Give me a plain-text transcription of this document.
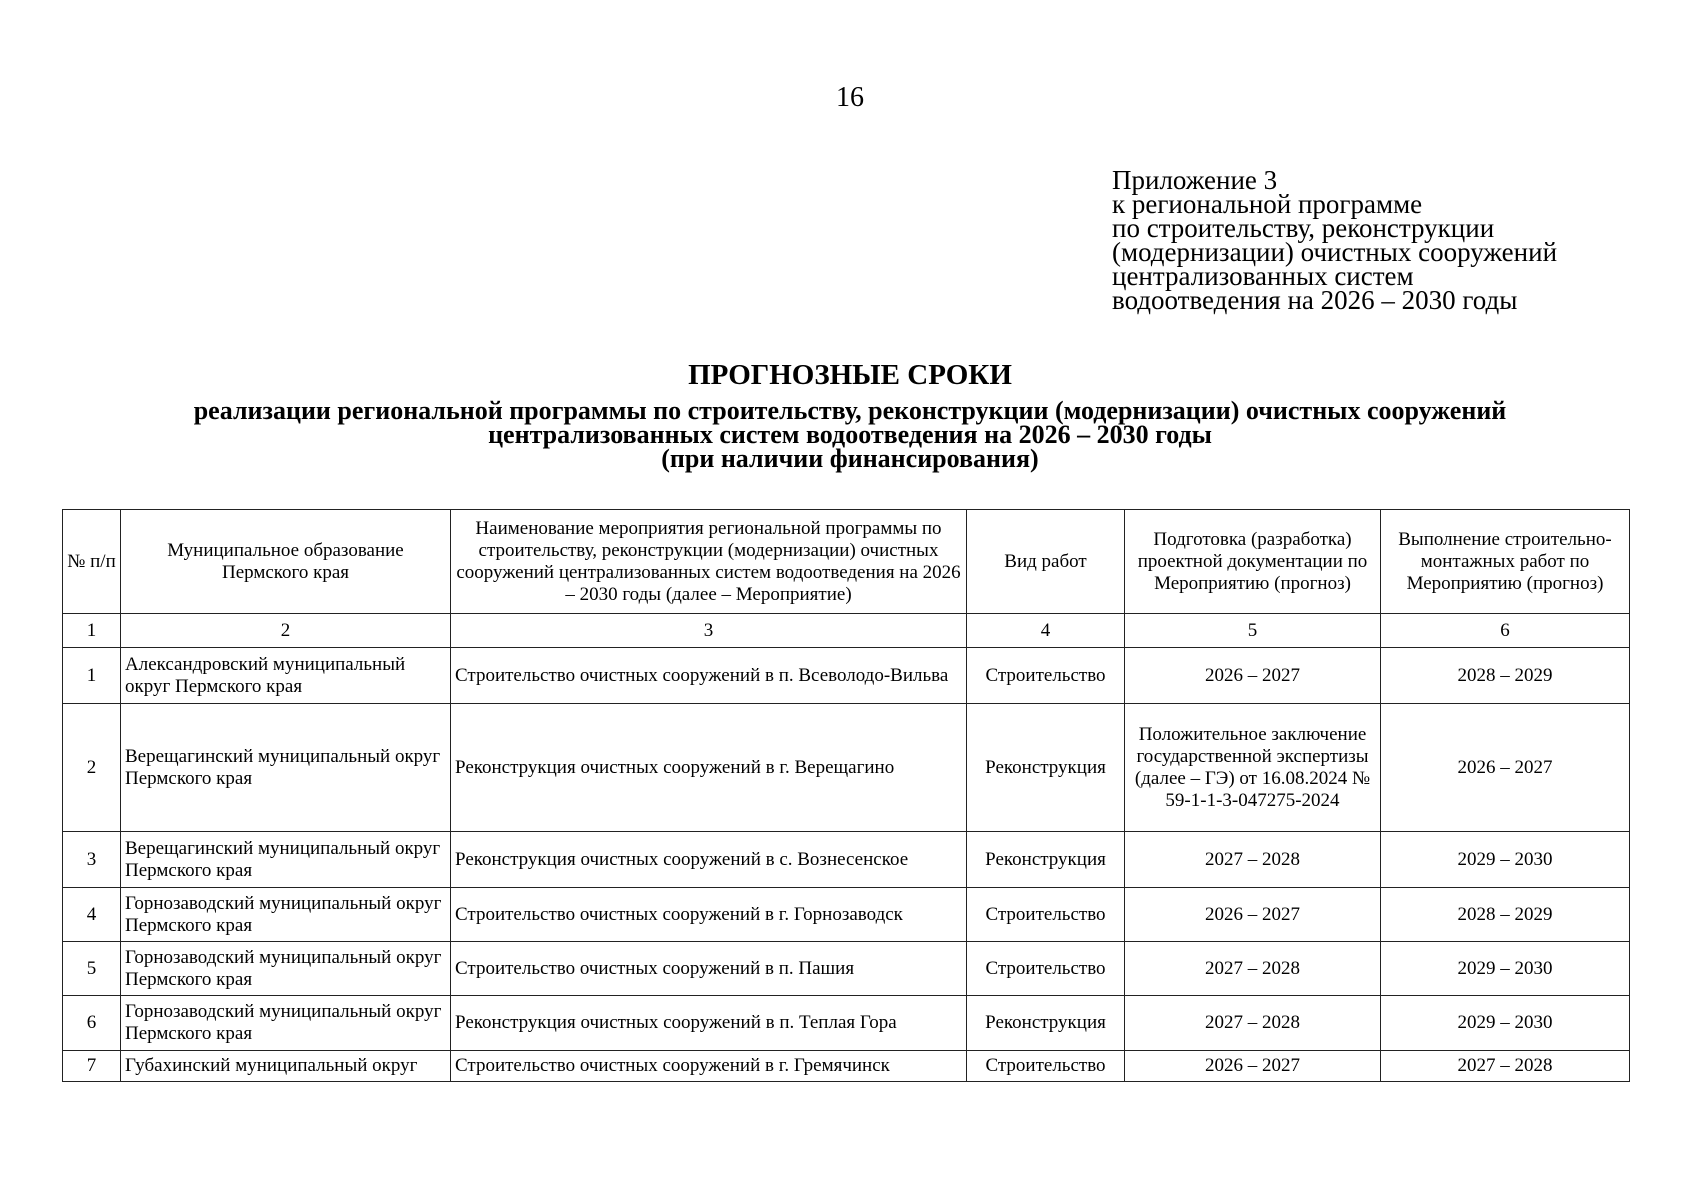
16
Приложение 3
к региональной программе
по строительству, реконструкции
(модернизации) очистных сооружений
централизованных систем
водоотведения на 2026 – 2030 годы
ПРОГНОЗНЫЕ СРОКИ
реализации региональной программы по строительству, реконструкции (модернизации) очистных сооружений
централизованных систем водоотведения на 2026 – 2030 годы
(при наличии финансирования)
№ п/п	Муниципальное образование Пермского края	Наименование мероприятия региональной программы по строительству, реконструкции (модернизации) очистных сооружений централизованных систем водоотведения на 2026 – 2030 годы (далее – Мероприятие)	Вид работ	Подготовка (разработка) проектной документации по Мероприятию (прогноз)	Выполнение строительно-монтажных работ по Мероприятию (прогноз)
1	2	3	4	5	6
1	Александровский муниципальный округ Пермского края	Строительство очистных сооружений в п. Всеволодо-Вильва	Строительство	2026 – 2027	2028 – 2029
2	Верещагинский муниципальный округ Пермского края	Реконструкция очистных сооружений в г. Верещагино	Реконструкция	Положительное заключение государственной экспертизы (далее – ГЭ) от 16.08.2024 № 59-1-1-3-047275-2024	2026 – 2027
3	Верещагинский муниципальный округ Пермского края	Реконструкция очистных сооружений в с. Вознесенское	Реконструкция	2027 – 2028	2029 – 2030
4	Горнозаводский муниципальный округ Пермского края	Строительство очистных сооружений в г. Горнозаводск	Строительство	2026 – 2027	2028 – 2029
5	Горнозаводский муниципальный округ Пермского края	Строительство очистных сооружений в п. Пашия	Строительство	2027 – 2028	2029 – 2030
6	Горнозаводский муниципальный округ Пермского края	Реконструкция очистных сооружений в п. Теплая Гора	Реконструкция	2027 – 2028	2029 – 2030
7	Губахинский муниципальный округ	Строительство очистных сооружений в г. Гремячинск	Строительство	2026 – 2027	2027 – 2028
